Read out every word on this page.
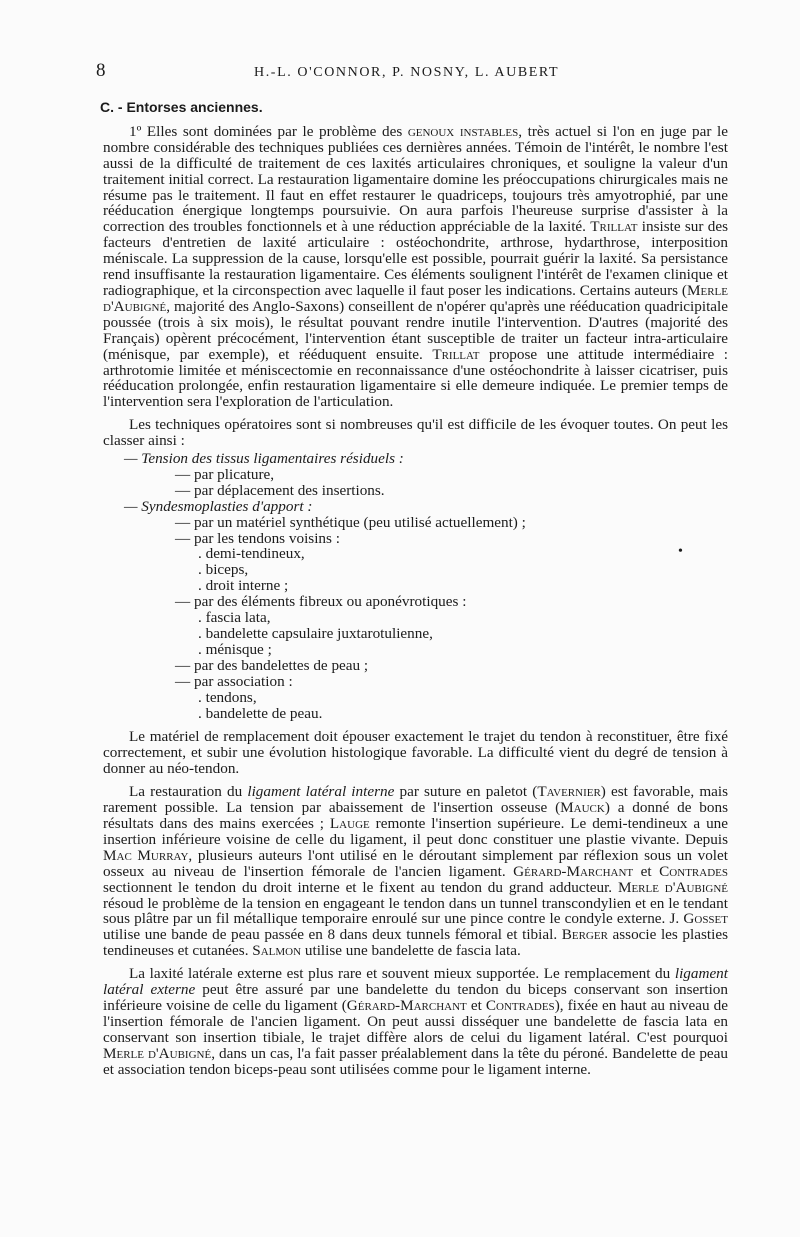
8	H.-L. O'CONNOR, P. NOSNY, L. AUBERT
C. - Entorses anciennes.

1º Elles sont dominées par le problème des genoux instables, très actuel si l'on en juge par le nombre considérable des techniques publiées ces dernières années. Témoin de l'intérêt, le nombre l'est aussi de la difficulté de traitement de ces laxités articulaires chroniques, et souligne la valeur d'un traitement initial correct. La restauration ligamentaire domine les préoccupations chirurgicales mais ne résume pas le traitement. Il faut en effet restaurer le quadriceps, toujours très amyotrophié, par une rééducation énergique longtemps poursuivie. On aura parfois l'heureuse surprise d'assister à la correction des troubles fonctionnels et à une réduction appréciable de la laxité. Trillat insiste sur des facteurs d'entretien de laxité articulaire : ostéochondrite, arthrose, hydarthrose, interposition méniscale. La suppression de la cause, lorsqu'elle est possible, pourrait guérir la laxité. Sa persistance rend insuffisante la restauration ligamentaire. Ces éléments soulignent l'intérêt de l'examen clinique et radiographique, et la circonspection avec laquelle il faut poser les indications. Certains auteurs (Merle d'Aubigné, majorité des Anglo-Saxons) conseillent de n'opérer qu'après une rééducation quadricipitale poussée (trois à six mois), le résultat pouvant rendre inutile l'intervention. D'autres (majorité des Français) opèrent précocément, l'intervention étant susceptible de traiter un facteur intra-articulaire (ménisque, par exemple), et rééduquent ensuite. Trillat propose une attitude intermédiaire : arthrotomie limitée et méniscectomie en reconnaissance d'une ostéochondrite à laisser cicatriser, puis rééducation prolongée, enfin restauration ligamentaire si elle demeure indiquée. Le premier temps de l'intervention sera l'exploration de l'articulation.

Les techniques opératoires sont si nombreuses qu'il est difficile de les évoquer toutes. On peut les classer ainsi :

— Tension des tissus ligamentaires résiduels :
— par plicature,
— par déplacement des insertions.
— Syndesmoplasties d'apport :
— par un matériel synthétique (peu utilisé actuellement) ;
— par les tendons voisins :
. demi-tendineux,
. biceps,
. droit interne ;
— par des éléments fibreux ou aponévrotiques :
. fascia lata,
. bandelette capsulaire juxtarotulienne,
. ménisque ;
— par des bandelettes de peau ;
— par association :
. tendons,
. bandelette de peau.

Le matériel de remplacement doit épouser exactement le trajet du tendon à reconstituer, être fixé correctement, et subir une évolution histologique favorable. La difficulté vient du degré de tension à donner au néo-tendon.

La restauration du ligament latéral interne par suture en paletot (Tavernier) est favorable, mais rarement possible. La tension par abaissement de l'insertion osseuse (Mauck) a donné de bons résultats dans des mains exercées ; Lauge remonte l'insertion supérieure. Le demi-tendineux a une insertion inférieure voisine de celle du ligament, il peut donc constituer une plastie vivante. Depuis Mac Murray, plusieurs auteurs l'ont utilisé en le déroutant simplement par réflexion sous un volet osseux au niveau de l'insertion fémorale de l'ancien ligament. Gérard-Marchant et Contrades sectionnent le tendon du droit interne et le fixent au tendon du grand adducteur. Merle d'Aubigné résoud le problème de la tension en engageant le tendon dans un tunnel transcondylien et en le tendant sous plâtre par un fil métallique temporaire enroulé sur une pince contre le condyle externe. J. Gosset utilise une bande de peau passée en 8 dans deux tunnels fémoral et tibial. Berger associe les plasties tendineuses et cutanées. Salmon utilise une bandelette de fascia lata.

La laxité latérale externe est plus rare et souvent mieux supportée. Le remplacement du ligament latéral externe peut être assuré par une bandelette du tendon du biceps conservant son insertion inférieure voisine de celle du ligament (Gérard-Marchant et Contrades), fixée en haut au niveau de l'insertion fémorale de l'ancien ligament. On peut aussi disséquer une bandelette de fascia lata en conservant son insertion tibiale, le trajet diffère alors de celui du ligament latéral. C'est pourquoi Merle d'Aubigné, dans un cas, l'a fait passer préalablement dans la tête du péroné. Bandelette de peau et association tendon biceps-peau sont utilisées comme pour le ligament interne.

•
